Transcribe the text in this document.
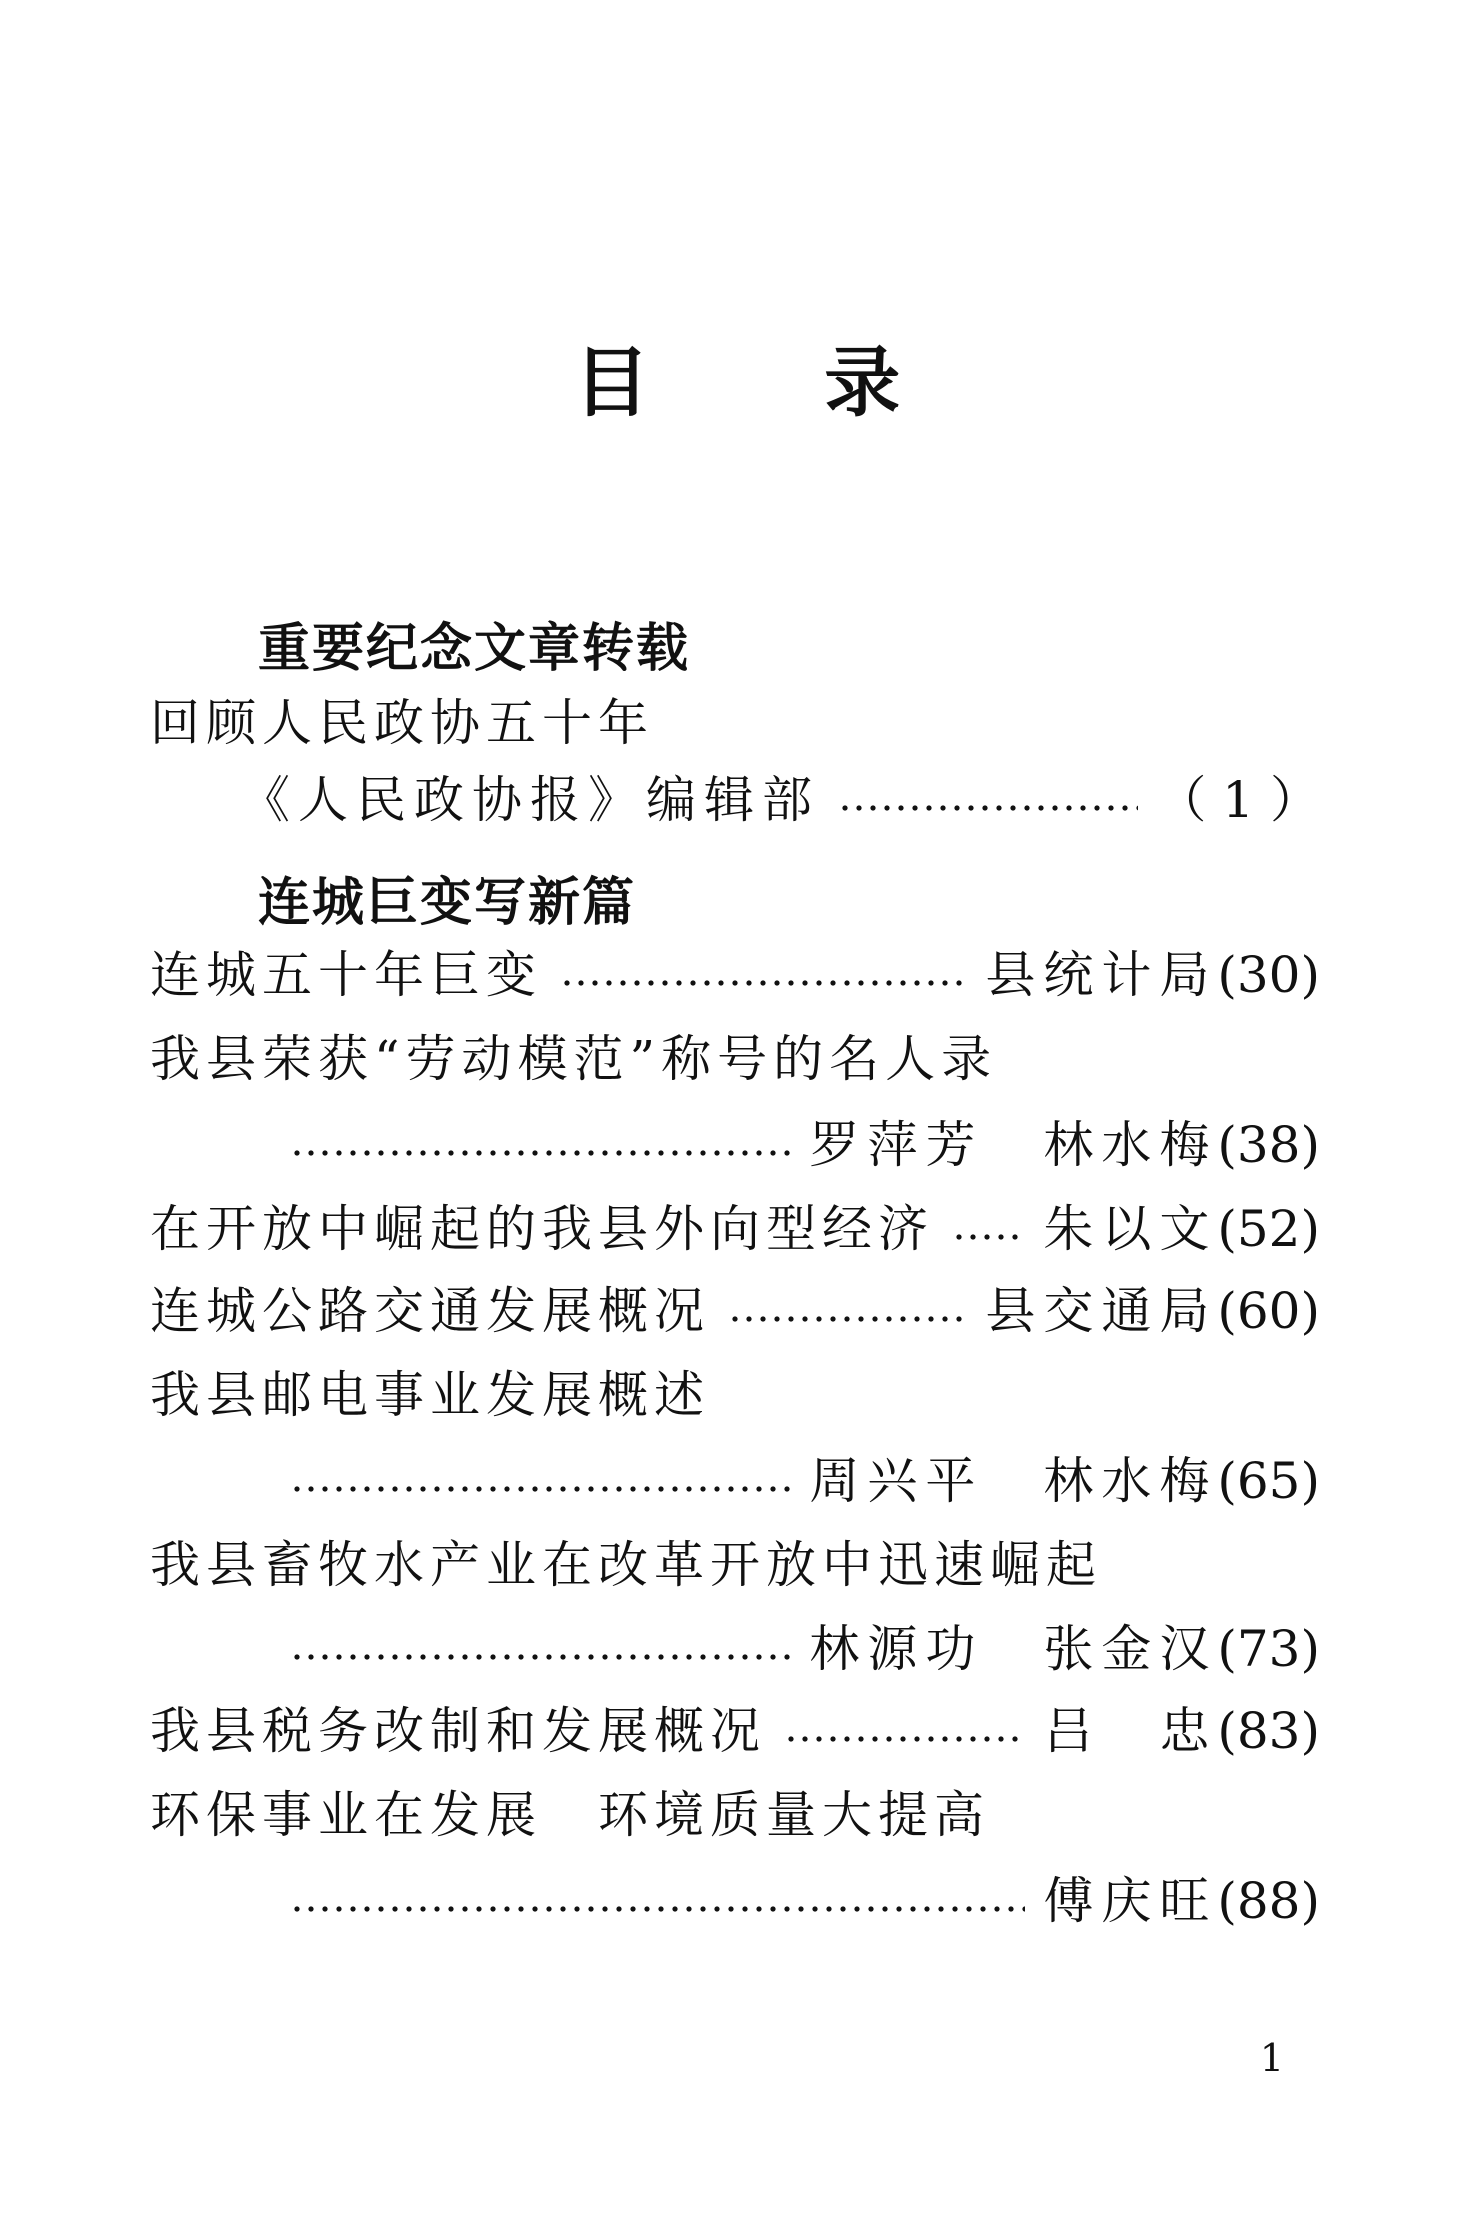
目 录
重要纪念文章转载
回顾人民政协五十年
《人民政协报》编辑部	（ 1 ）
连城巨变写新篇
连城五十年巨变	县统计局 (30)
我县荣获“劳动模范”称号的名人录
罗萍芳 林水梅 (38)
在开放中崛起的我县外向型经济 朱以文 (52)
连城公路交通发展概况	县交通局 (60)
我县邮电事业发展概述
周兴平 林水梅 (65)
我县畜牧水产业在改革开放中迅速崛起
林源功 张金汉 (73)
我县税务改制和发展概况	吕　忠 (83)
环保事业在发展　环境质量大提高
傅庆旺 (88)
1
